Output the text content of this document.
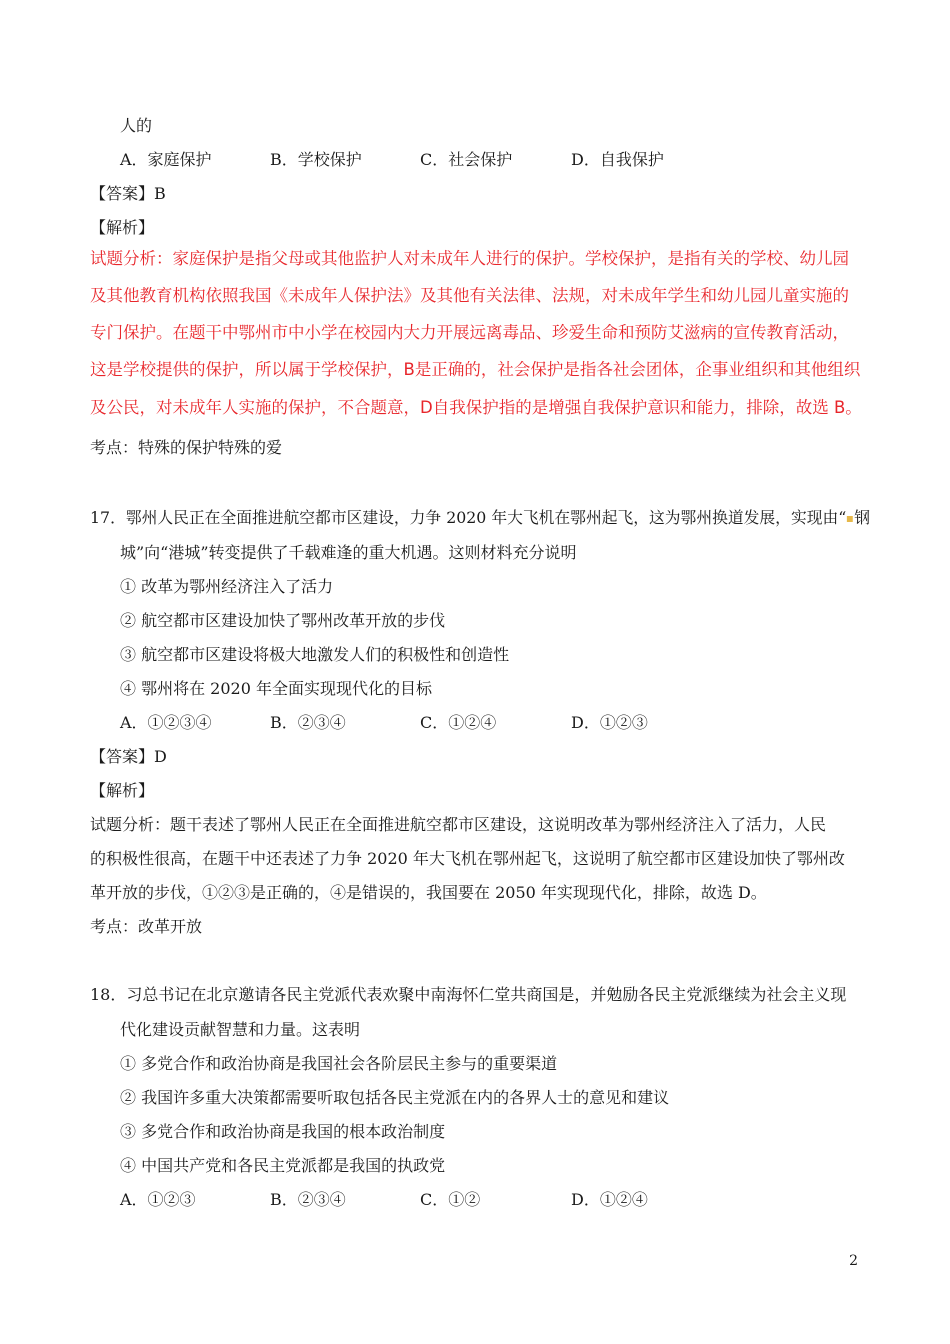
人的
A．家庭保护	B．学校保护	C．社会保护	D．自我保护
【答案】B
【解析】
试题分析：家庭保护是指父母或其他监护人对未成年人进行的保护。学校保护，是指有关的学校、幼儿园
及其他教育机构依照我国《未成年人保护法》及其他有关法律、法规，对未成年学生和幼儿园儿童实施的
专门保护。在题干中鄂州市中小学在校园内大力开展远离毒品、珍爱生命和预防艾滋病的宣传教育活动，
这是学校提供的保护，所以属于学校保护，B是正确的，社会保护是指各社会团体，企事业组织和其他组织
及公民，对未成年人实施的保护，不合题意，D自我保护指的是增强自我保护意识和能力，排除，故选 B。
考点：特殊的保护特殊的爱
17．鄂州人民正在全面推进航空都市区建设，力争 2020 年大飞机在鄂州起飞，这为鄂州换道发展，实现由“ 钢
城”向“港城”转变提供了千载难逢的重大机遇。这则材料充分说明
① 改革为鄂州经济注入了活力
② 航空都市区建设加快了鄂州改革开放的步伐
③ 航空都市区建设将极大地激发人们的积极性和创造性
④ 鄂州将在 2020 年全面实现现代化的目标
A．①②③④	B．②③④	C．①②④	D．①②③
【答案】D
【解析】
试题分析：题干表述了鄂州人民正在全面推进航空都市区建设，这说明改革为鄂州经济注入了活力，人民
的积极性很高，在题干中还表述了力争 2020 年大飞机在鄂州起飞，这说明了航空都市区建设加快了鄂州改
革开放的步伐，①②③是正确的，④是错误的，我国要在 2050 年实现现代化，排除，故选 D。
考点：改革开放
18．习总书记在北京邀请各民主党派代表欢聚中南海怀仁堂共商国是，并勉励各民主党派继续为社会主义现
代化建设贡献智慧和力量。这表明
① 多党合作和政治协商是我国社会各阶层民主参与的重要渠道
② 我国许多重大决策都需要听取包括各民主党派在内的各界人士的意见和建议
③ 多党合作和政治协商是我国的根本政治制度
④ 中国共产党和各民主党派都是我国的执政党
A．①②③	B．②③④	C．①②	D．①②④
2
